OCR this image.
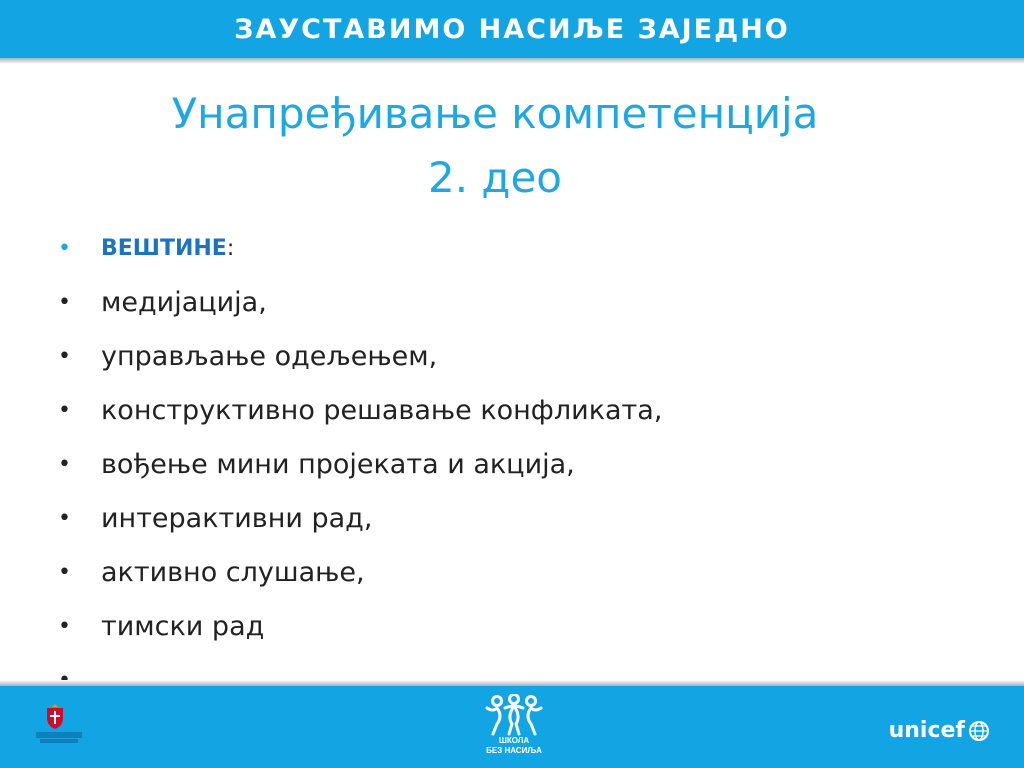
ЗАУСТАВИМО НАСИЉЕ ЗАЈЕДНО
Унапређивање компетенција
2. део
• ВЕШТИНЕ:
• медијација,
• управљање одељењем,
• конструктивно решавање конфликата,
• вођење мини пројеката и акција,
• интерактивни рад,
• активно слушање,
• тимски рад
ШКОЛА
БЕЗ НАСИЉА
unicef
